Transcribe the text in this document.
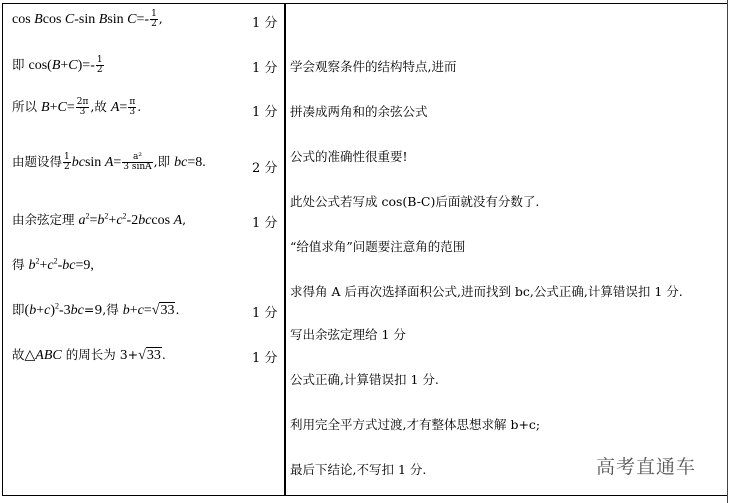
cos Bcos C-sin Bsin $C=- \frac{1}{2}$ ,	1 分
即 $\cos(B+C)=- \frac{1}{2}$	1 分
所以 $B+C= \frac{2\pi}{3}$ ,故 $A= \frac{\pi}{3}$ .	1 分
由题设得 $\frac{1}{2}$ bcsin $A= \frac{\text{a²}}{3 \sin A}$ ,即 bc=8.	2 分
由余弦定理 $a^2=b^2+c^2-2bccos$ A,	1 分
得 $b^2+c^2-bc=9$,
即$(b+c)^2-3bc=9$,得 b+c=√33.	1 分
故△ABC 的周长为 3+√33.	1 分
学会观察条件的结构特点,进而
拼凑成两角和的余弦公式
公式的准确性很重要!
此处公式若写成 cos(B-C)后面就没有分数了.
“给值求角”问题要注意角的范围
求得角 A 后再次选择面积公式,进而找到 bc,公式正确,计算错误扣 1 分.
写出余弦定理给 1 分
公式正确,计算错误扣 1 分.
利用完全平方式过渡,才有整体思想求解 b+c;
最后下结论,不写扣 1 分.	高考直通车
